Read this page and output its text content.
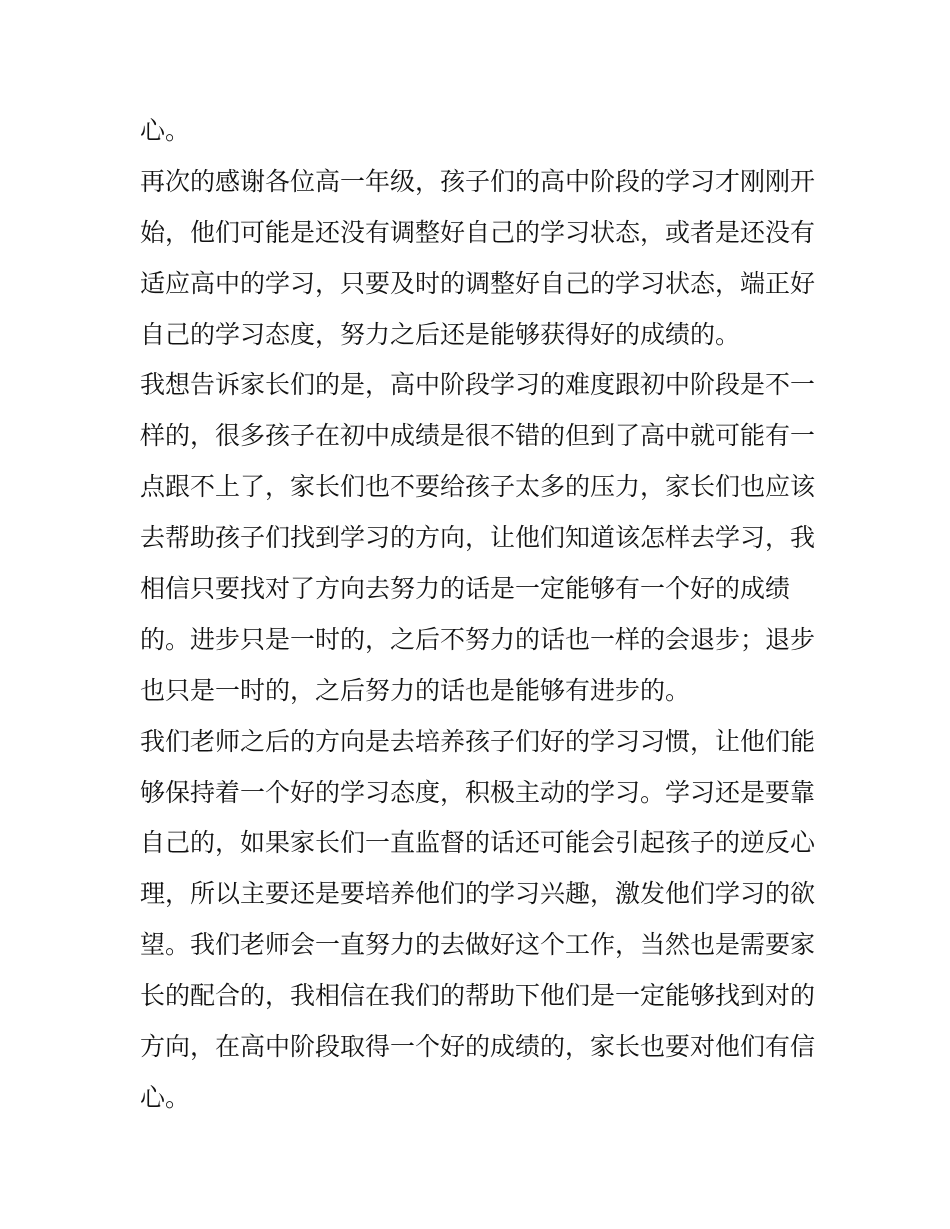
心。
再次的感谢各位高一年级，孩子们的高中阶段的学习才刚刚开
始，他们可能是还没有调整好自己的学习状态，或者是还没有
适应高中的学习，只要及时的调整好自己的学习状态，端正好
自己的学习态度，努力之后还是能够获得好的成绩的。
我想告诉家长们的是，高中阶段学习的难度跟初中阶段是不一
样的，很多孩子在初中成绩是很不错的但到了高中就可能有一
点跟不上了，家长们也不要给孩子太多的压力，家长们也应该
去帮助孩子们找到学习的方向，让他们知道该怎样去学习，我
相信只要找对了方向去努力的话是一定能够有一个好的成绩
的。进步只是一时的，之后不努力的话也一样的会退步；退步
也只是一时的，之后努力的话也是能够有进步的。
我们老师之后的方向是去培养孩子们好的学习习惯，让他们能
够保持着一个好的学习态度，积极主动的学习。学习还是要靠
自己的，如果家长们一直监督的话还可能会引起孩子的逆反心
理，所以主要还是要培养他们的学习兴趣，激发他们学习的欲
望。我们老师会一直努力的去做好这个工作，当然也是需要家
长的配合的，我相信在我们的帮助下他们是一定能够找到对的
方向，在高中阶段取得一个好的成绩的，家长也要对他们有信
心。
